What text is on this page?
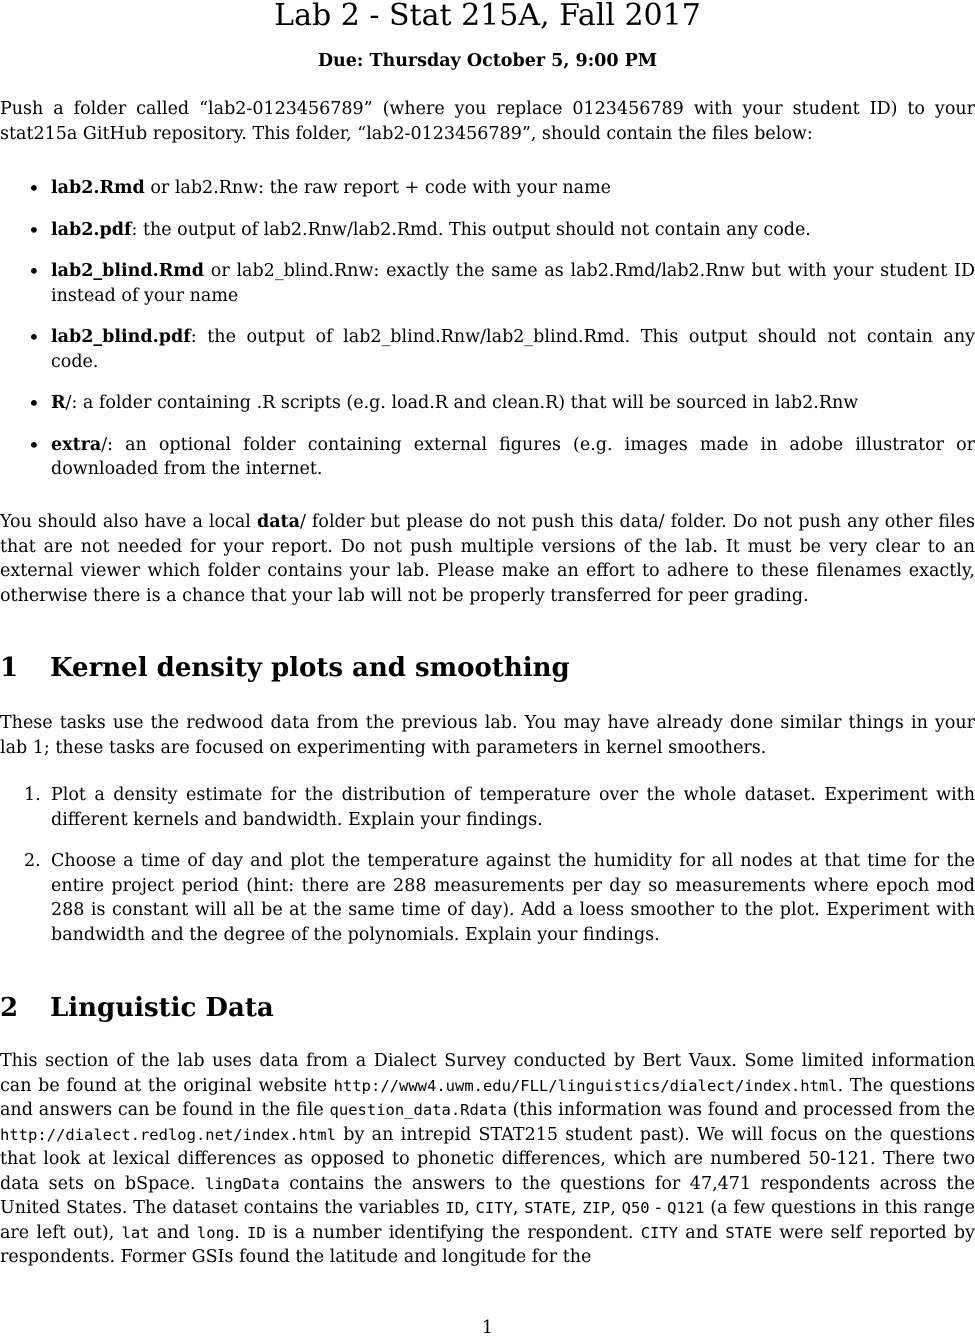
Lab 2 - Stat 215A, Fall 2017
Due: Thursday October 5, 9:00 PM
Push a folder called “lab2-0123456789” (where you replace 0123456789 with your student ID) to your stat215a GitHub repository. This folder, “lab2-0123456789”, should contain the files below:
• lab2.Rmd or lab2.Rnw: the raw report + code with your name
• lab2.pdf: the output of lab2.Rnw/lab2.Rmd. This output should not contain any code.
• lab2_blind.Rmd or lab2_blind.Rnw: exactly the same as lab2.Rmd/lab2.Rnw but with your student ID instead of your name
• lab2_blind.pdf: the output of lab2_blind.Rnw/lab2_blind.Rmd. This output should not contain any code.
• R/: a folder containing .R scripts (e.g. load.R and clean.R) that will be sourced in lab2.Rnw
• extra/: an optional folder containing external figures (e.g. images made in adobe illustrator or downloaded from the internet.
You should also have a local data/ folder but please do not push this data/ folder. Do not push any other files that are not needed for your report. Do not push multiple versions of the lab. It must be very clear to an external viewer which folder contains your lab. Please make an effort to adhere to these filenames exactly, otherwise there is a chance that your lab will not be properly transferred for peer grading.
1 Kernel density plots and smoothing
These tasks use the redwood data from the previous lab. You may have already done similar things in your lab 1; these tasks are focused on experimenting with parameters in kernel smoothers.
1. Plot a density estimate for the distribution of temperature over the whole dataset. Experiment with different kernels and bandwidth. Explain your findings.
2. Choose a time of day and plot the temperature against the humidity for all nodes at that time for the entire project period (hint: there are 288 measurements per day so measurements where epoch mod 288 is constant will all be at the same time of day). Add a loess smoother to the plot. Experiment with bandwidth and the degree of the polynomials. Explain your findings.
2 Linguistic Data
This section of the lab uses data from a Dialect Survey conducted by Bert Vaux. Some limited information can be found at the original website http://www4.uwm.edu/FLL/linguistics/dialect/index.html. The questions and answers can be found in the file question_data.Rdata (this information was found and processed from the http://dialect.redlog.net/index.html by an intrepid STAT215 student past). We will focus on the questions that look at lexical differences as opposed to phonetic differences, which are numbered 50-121. There two data sets on bSpace. lingData contains the answers to the questions for 47,471 respondents across the United States. The dataset contains the variables ID, CITY, STATE, ZIP, Q50 - Q121 (a few questions in this range are left out), lat and long. ID is a number identifying the respondent. CITY and STATE were self reported by respondents. Former GSIs found the latitude and longitude for the
1
